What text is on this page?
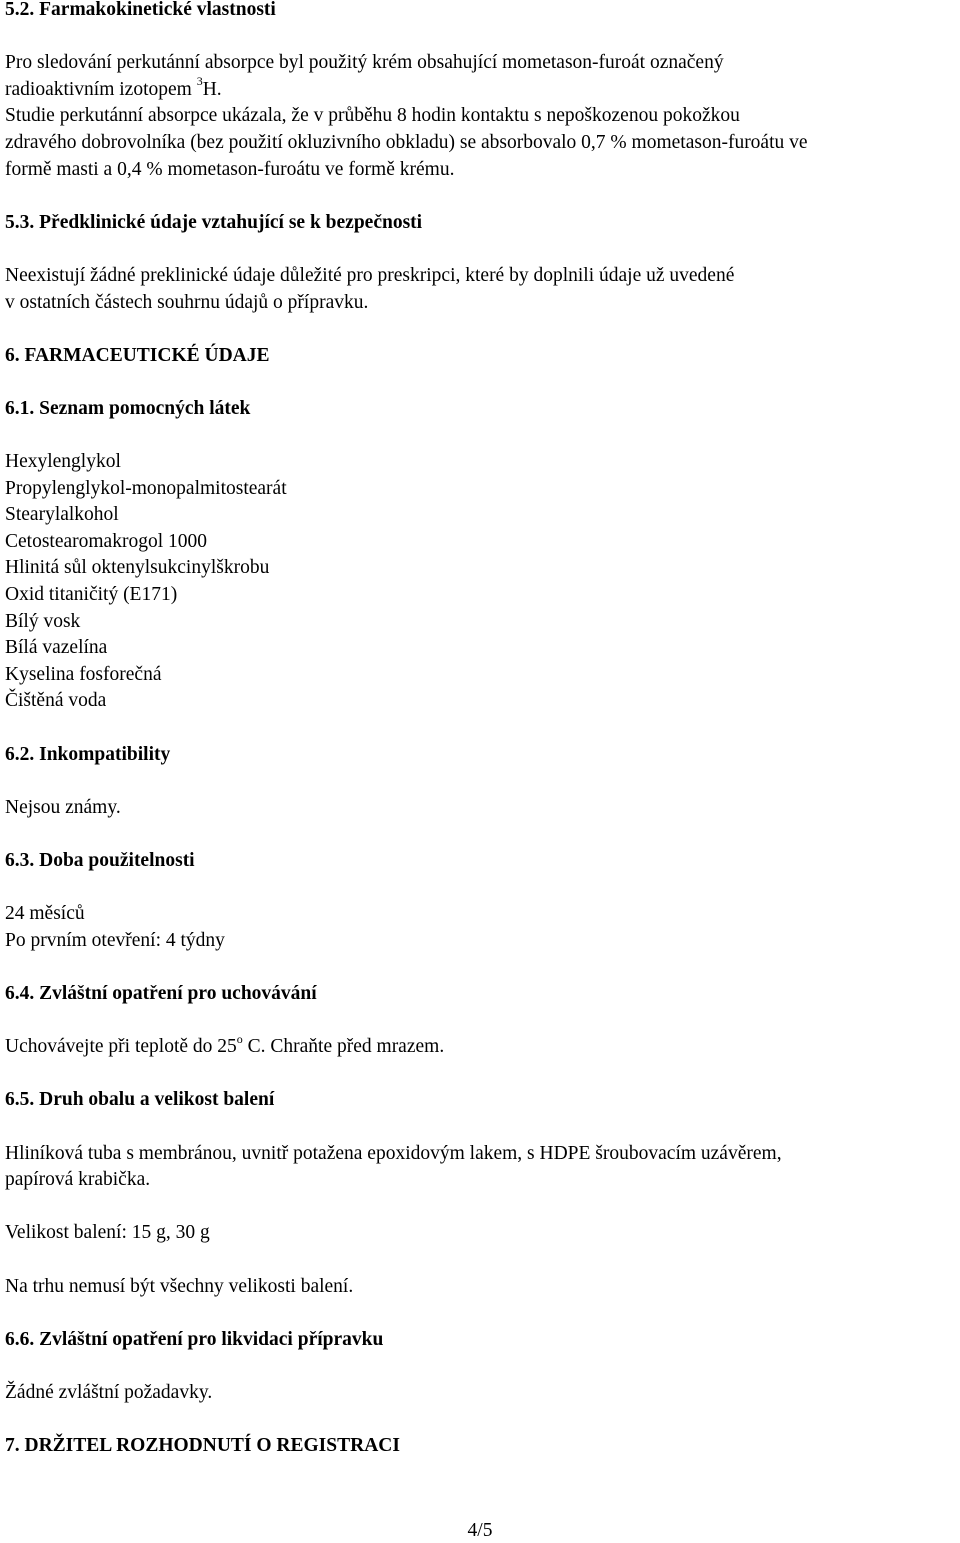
5.2. Farmakokinetické vlastnosti

Pro sledování perkutánní absorpce byl použitý krém obsahující mometason-furoát označený
radioaktivním izotopem $^3$H.
Studie perkutánní absorpce ukázala, že v průběhu 8 hodin kontaktu s nepoškozenou pokožkou
zdravého dobrovolníka (bez použití okluzivního obkladu) se absorbovalo 0,7 % mometason-furoátu ve
formě masti a 0,4 % mometason-furoátu ve formě krému.

5.3. Předklinické údaje vztahující se k bezpečnosti

Neexistují žádné preklinické údaje důležité pro preskripci, které by doplnili údaje už uvedené
v ostatních částech souhrnu údajů o přípravku.

6. FARMACEUTICKÉ ÚDAJE

6.1. Seznam pomocných látek

Hexylenglykol
Propylenglykol-monopalmitostearát
Stearylalkohol
Cetostearomakrogol 1000
Hlinitá sůl oktenylsukcinylškrobu
Oxid titaničitý (E171)
Bílý vosk
Bílá vazelína
Kyselina fosforečná
Čištěná voda

6.2. Inkompatibility

Nejsou známy.

6.3. Doba použitelnosti

24 měsíců
Po prvním otevření: 4 týdny

6.4. Zvláštní opatření pro uchovávání

Uchovávejte při teplotě do 25$^o$ C. Chraňte před mrazem.

6.5. Druh obalu a velikost balení

Hliníková tuba s membránou, uvnitř potažena epoxidovým lakem, s HDPE šroubovacím uzávěrem,
papírová krabička.
Velikost balení: 15 g, 30 g
Na trhu nemusí být všechny velikosti balení.

6.6. Zvláštní opatření pro likvidaci přípravku

Žádné zvláštní požadavky.

7. DRŽITEL ROZHODNUTÍ O REGISTRACI

4/5
